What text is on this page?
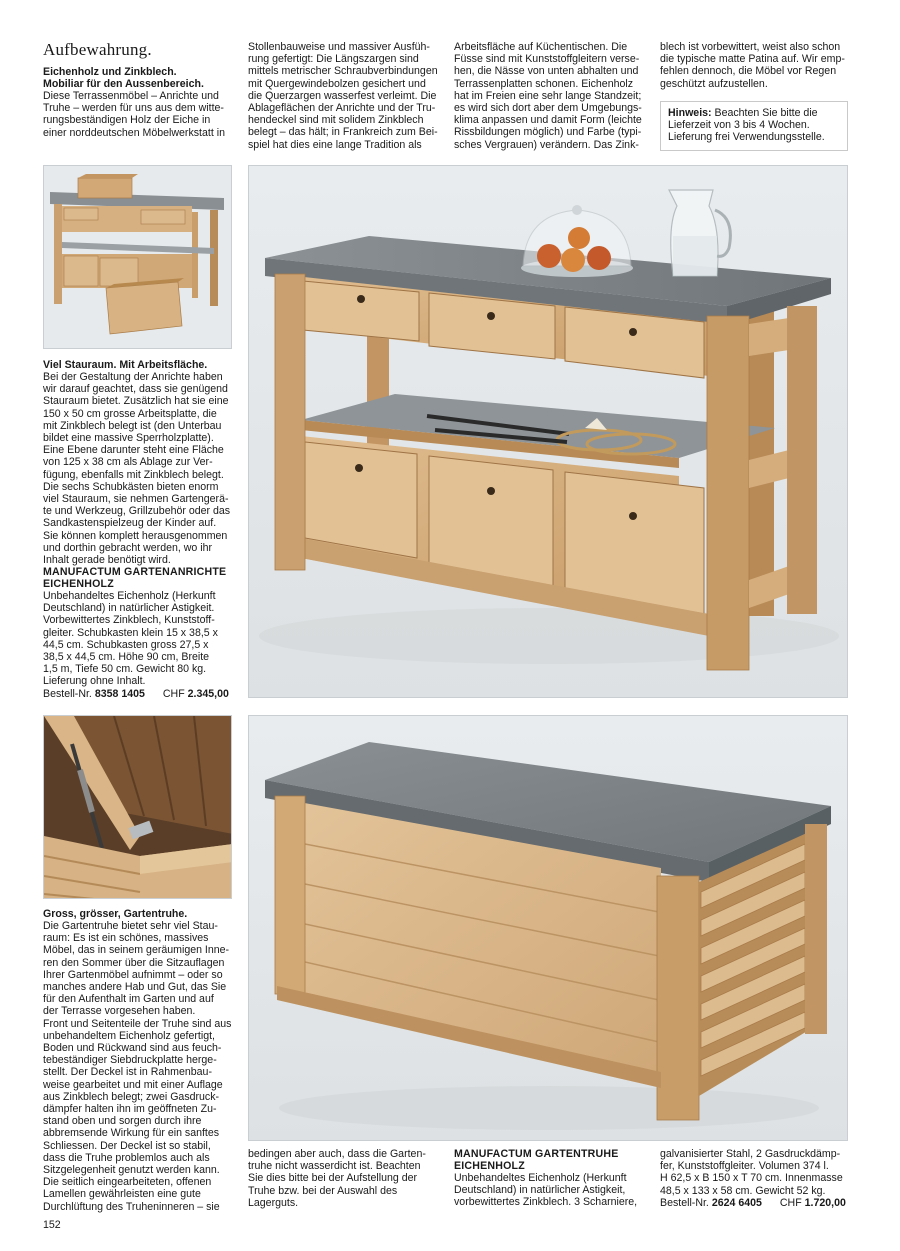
Aufbewahrung.
Eichenholz und Zinkblech.
Mobiliar für den Aussenbereich.
Diese Terrassenmöbel – Anrichte und
Truhe – werden für uns aus dem witte-
rungsbeständigen Holz der Eiche in
einer norddeutschen Möbelwerkstatt in
Stollenbauweise und massiver Ausfüh-
rung gefertigt: Die Längszargen sind
mittels metrischer Schraubverbindungen
mit Quergewindebolzen gesichert und
die Querzargen wasserfest verleimt. Die
Ablageflächen der Anrichte und der Tru-
hendeckel sind mit solidem Zinkblech
belegt – das hält; in Frankreich zum Bei-
spiel hat dies eine lange Tradition als
Arbeitsfläche auf Küchentischen. Die
Füsse sind mit Kunststoffgleitern verse-
hen, die Nässe von unten abhalten und
Terrassenplatten schonen. Eichenholz
hat im Freien eine sehr lange Standzeit;
es wird sich dort aber dem Umgebungs-
klima anpassen und damit Form (leichte
Rissbildungen möglich) und Farbe (typi-
sches Vergrauen) verändern. Das Zink-
blech ist vorbewittert, weist also schon
die typische matte Patina auf. Wir emp-
fehlen dennoch, die Möbel vor Regen
geschützt aufzustellen.
Hinweis: Beachten Sie bitte die
Lieferzeit von 3 bis 4 Wochen.
Lieferung frei Verwendungsstelle.
Viel Stauraum. Mit Arbeitsfläche.
Bei der Gestaltung der Anrichte haben
wir darauf geachtet, dass sie genügend
Stauraum bietet. Zusätzlich hat sie eine
150 x 50 cm grosse Arbeitsplatte, die
mit Zinkblech belegt ist (den Unterbau
bildet eine massive Sperrholzplatte).
Eine Ebene darunter steht eine Fläche
von 125 x 38 cm als Ablage zur Ver-
fügung, ebenfalls mit Zinkblech belegt.
Die sechs Schubkästen bieten enorm
viel Stauraum, sie nehmen Gartengerä-
te und Werkzeug, Grillzubehör oder das
Sandkastenspielzeug der Kinder auf.
Sie können komplett herausgenommen
und dorthin gebracht werden, wo ihr
Inhalt gerade benötigt wird.
MANUFACTUM GARTENANRICHTE
EICHENHOLZ
Unbehandeltes Eichenholz (Herkunft
Deutschland) in natürlicher Astigkeit.
Vorbewittertes Zinkblech, Kunststoff-
gleiter. Schubkasten klein 15 x 38,5 x
44,5 cm. Schubkasten gross 27,5 x
38,5 x 44,5 cm. Höhe 90 cm, Breite
1,5 m, Tiefe 50 cm. Gewicht 80 kg.
Lieferung ohne Inhalt.
Bestell-Nr. 8358 1405 CHF 2.345,00
Gross, grösser, Gartentruhe.
Die Gartentruhe bietet sehr viel Stau-
raum: Es ist ein schönes, massives
Möbel, das in seinem geräumigen Inne-
ren den Sommer über die Sitzauflagen
Ihrer Gartenmöbel aufnimmt – oder so
manches andere Hab und Gut, das Sie
für den Aufenthalt im Garten und auf
der Terrasse vorgesehen haben.
Front und Seitenteile der Truhe sind aus
unbehandeltem Eichenholz gefertigt,
Boden und Rückwand sind aus feuch-
tebeständiger Siebdruckplatte herge-
stellt. Der Deckel ist in Rahmenbau-
weise gearbeitet und mit einer Auflage
aus Zinkblech belegt; zwei Gasdruck-
dämpfer halten ihn im geöffneten Zu-
stand oben und sorgen durch ihre
abbremsende Wirkung für ein sanftes
Schliessen. Der Deckel ist so stabil,
dass die Truhe problemlos auch als
Sitzgelegenheit genutzt werden kann.
Die seitlich eingearbeiteten, offenen
Lamellen gewährleisten eine gute
Durchlüftung des Truheninneren – sie
bedingen aber auch, dass die Garten-
truhe nicht wasserdicht ist. Beachten
Sie dies bitte bei der Aufstellung der
Truhe bzw. bei der Auswahl des
Lagerguts.
MANUFACTUM GARTENTRUHE
EICHENHOLZ
Unbehandeltes Eichenholz (Herkunft
Deutschland) in natürlicher Astigkeit,
vorbewittertes Zinkblech. 3 Scharniere,
galvanisierter Stahl, 2 Gasdruckdämp-
fer, Kunststoffgleiter. Volumen 374 l.
H 62,5 x B 150 x T 70 cm. Innenmasse
48,5 x 133 x 58 cm. Gewicht 52 kg.
Bestell-Nr. 2624 6405 CHF 1.720,00
152
